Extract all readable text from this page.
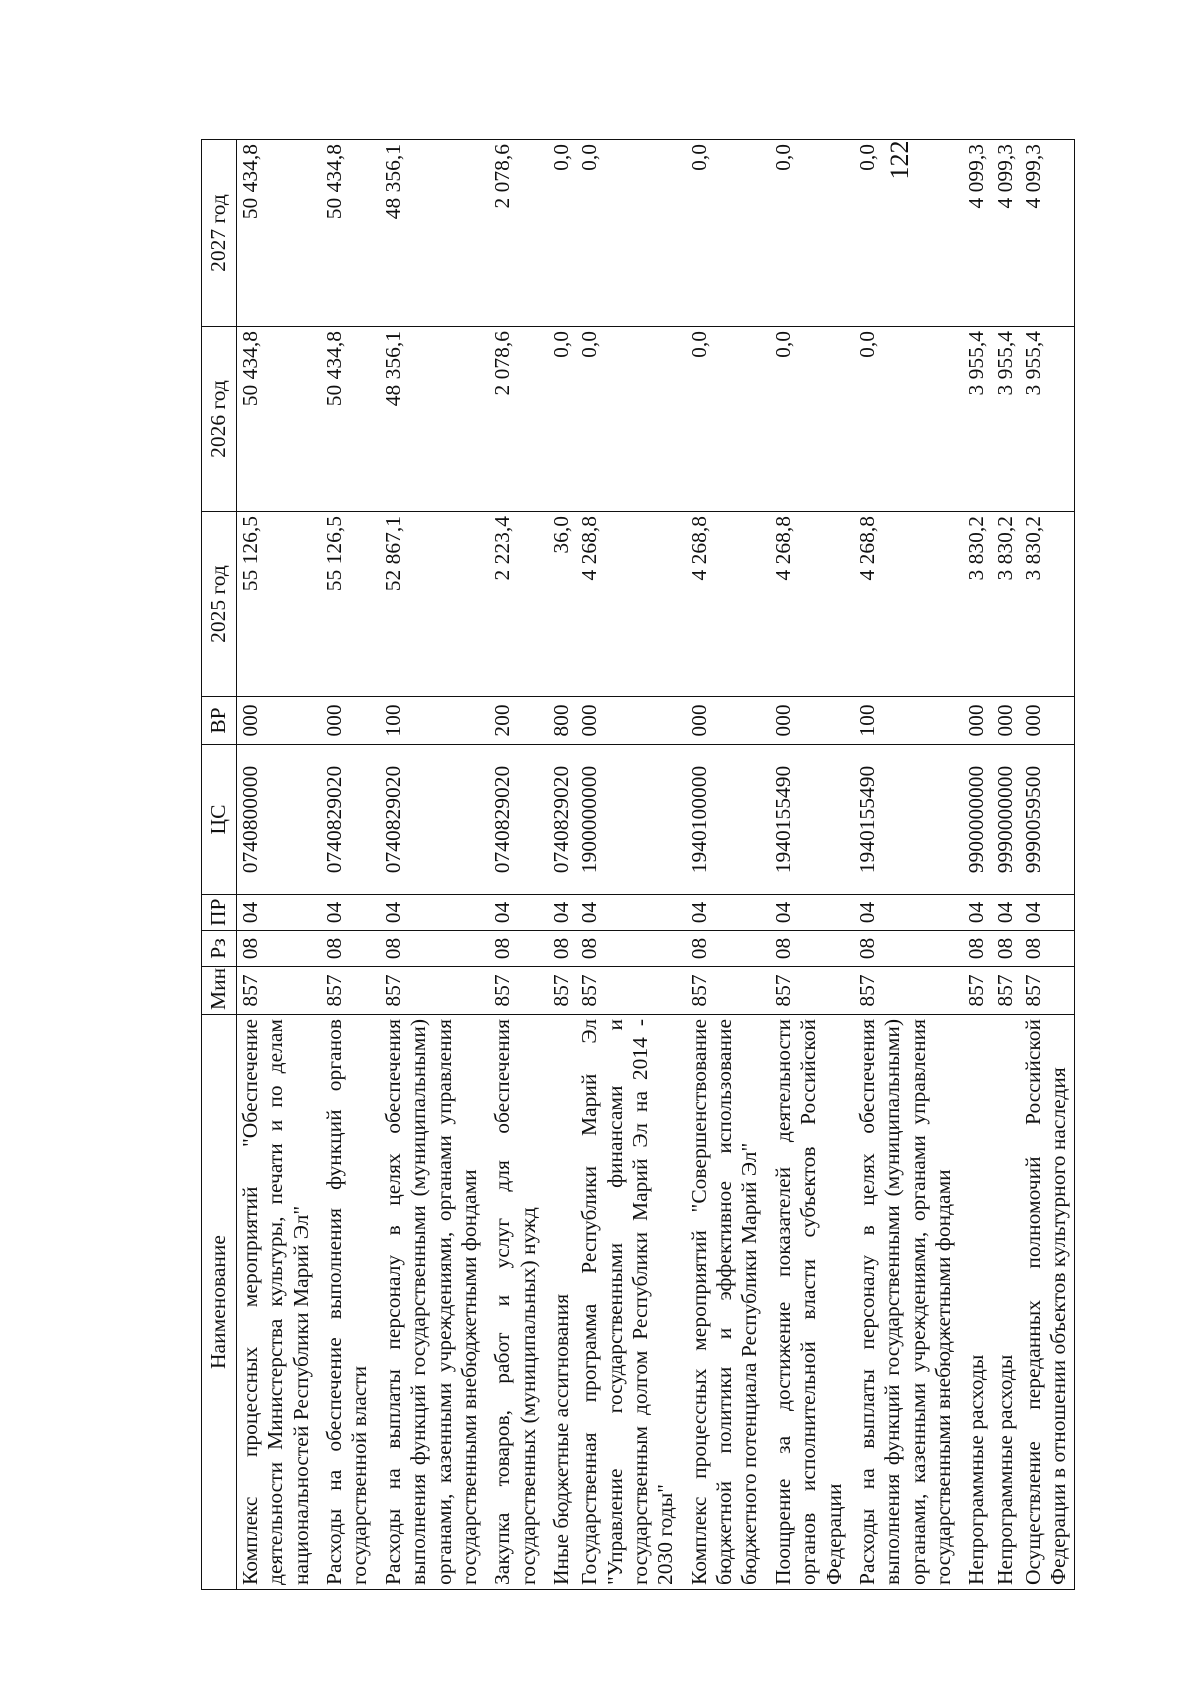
122
Наименование	Мин	Рз	ПР	ЦС	ВР	2025 год	2026 год	2027 год
Комплекс процессных мероприятий "Обеспечение деятельности Министерства культуры, печати и по делам национальностей Республики Марий Эл"	857	08	04	0740800000	000	55 126,5	50 434,8	50 434,8
Расходы на обеспечение выполнения функций органов государственной власти	857	08	04	0740829020	000	55 126,5	50 434,8	50 434,8
Расходы на выплаты персоналу в целях обеспечения выполнения функций государственными (муниципальными) органами, казенными учреждениями, органами управления государственными внебюджетными фондами	857	08	04	0740829020	100	52 867,1	48 356,1	48 356,1
Закупка товаров, работ и услуг для обеспечения государственных (муниципальных) нужд	857	08	04	0740829020	200	2 223,4	2 078,6	2 078,6
Иные бюджетные ассигнования	857	08	04	0740829020	800	36,0	0,0	0,0
Государственная программа Республики Марий Эл "Управление государственными финансами и государственным долгом Республики Марий Эл на 2014 - 2030 годы"	857	08	04	1900000000	000	4 268,8	0,0	0,0
Комплекс процессных мероприятий "Совершенствование бюджетной политики и эффективное использование бюджетного потенциала Республики Марий Эл"	857	08	04	1940100000	000	4 268,8	0,0	0,0
Поощрение за достижение показателей деятельности органов исполнительной власти субъектов Российской Федерации	857	08	04	1940155490	000	4 268,8	0,0	0,0
Расходы на выплаты персоналу в целях обеспечения выполнения функций государственными (муниципальными) органами, казенными учреждениями, органами управления государственными внебюджетными фондами	857	08	04	1940155490	100	4 268,8	0,0	0,0
Непрограммные расходы	857	08	04	9900000000	000	3 830,2	3 955,4	4 099,3
Непрограммные расходы	857	08	04	9990000000	000	3 830,2	3 955,4	4 099,3
Осуществление переданных полномочий Российской Федерации в отношении объектов культурного наследия	857	08	04	9990059500	000	3 830,2	3 955,4	4 099,3
